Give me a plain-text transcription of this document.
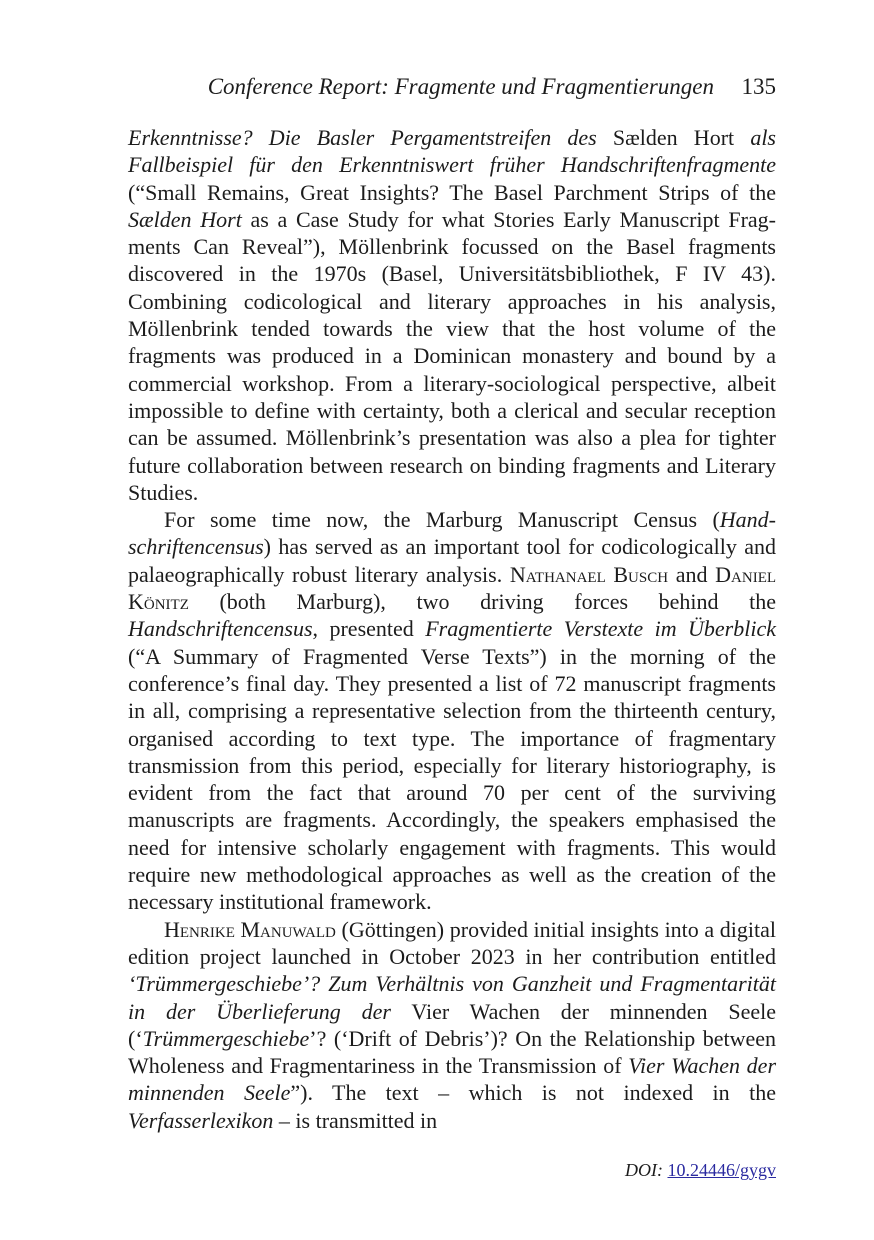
Conference Report: Fragmente und Fragmentierungen 135

Erkenntnisse? Die Basler Pergamentstreifen des Sælden Hort als Fallbeispiel für den Erkenntniswert früher Handschriftenfragmente (“Small Remains, Great Insights? The Basel Parchment Strips of the Sælden Hort as a Case Study for what Stories Early Manuscript Fragments Can Reveal”), Möllenbrink focussed on the Basel fragments discovered in the 1970s (Basel, Universitätsbibliothek, F IV 43). Combining codicological and literary approaches in his analysis, Möllenbrink tended towards the view that the host volume of the fragments was produced in a Dominican monastery and bound by a commercial workshop. From a literary-sociological perspective, albeit impossible to define with certainty, both a clerical and secular reception can be assumed. Möllenbrink’s presentation was also a plea for tighter future collaboration between research on binding fragments and Literary Studies.

For some time now, the Marburg Manuscript Census (Handschriftencensus) has served as an important tool for codicologically and palaeographically robust literary analysis. Nathanael Busch and Daniel Könitz (both Marburg), two driving forces behind the Handschriftencensus, presented Fragmentierte Verstexte im Überblick (“A Summary of Fragmented Verse Texts”) in the morning of the conference’s final day. They presented a list of 72 manuscript fragments in all, comprising a representative selection from the thirteenth century, organised according to text type. The importance of fragmentary transmission from this period, especially for literary historiography, is evident from the fact that around 70 per cent of the surviving manuscripts are fragments. Accordingly, the speakers emphasised the need for intensive scholarly engagement with fragments. This would require new methodological approaches as well as the creation of the necessary institutional framework.

Henrike Manuwald (Göttingen) provided initial insights into a digital edition project launched in October 2023 in her contribution entitled ‘Trümmergeschiebe’? Zum Verhältnis von Ganzheit und Fragmentarität in der Überlieferung der Vier Wachen der minnenden Seele (‘Trümmergeschiebe’? (‘Drift of Debris’)? On the Relationship between Wholeness and Fragmentariness in the Transmission of Vier Wachen der minnenden Seele”). The text – which is not indexed in the Verfasserlexikon – is transmitted in

DOI: 10.24446/gygv
